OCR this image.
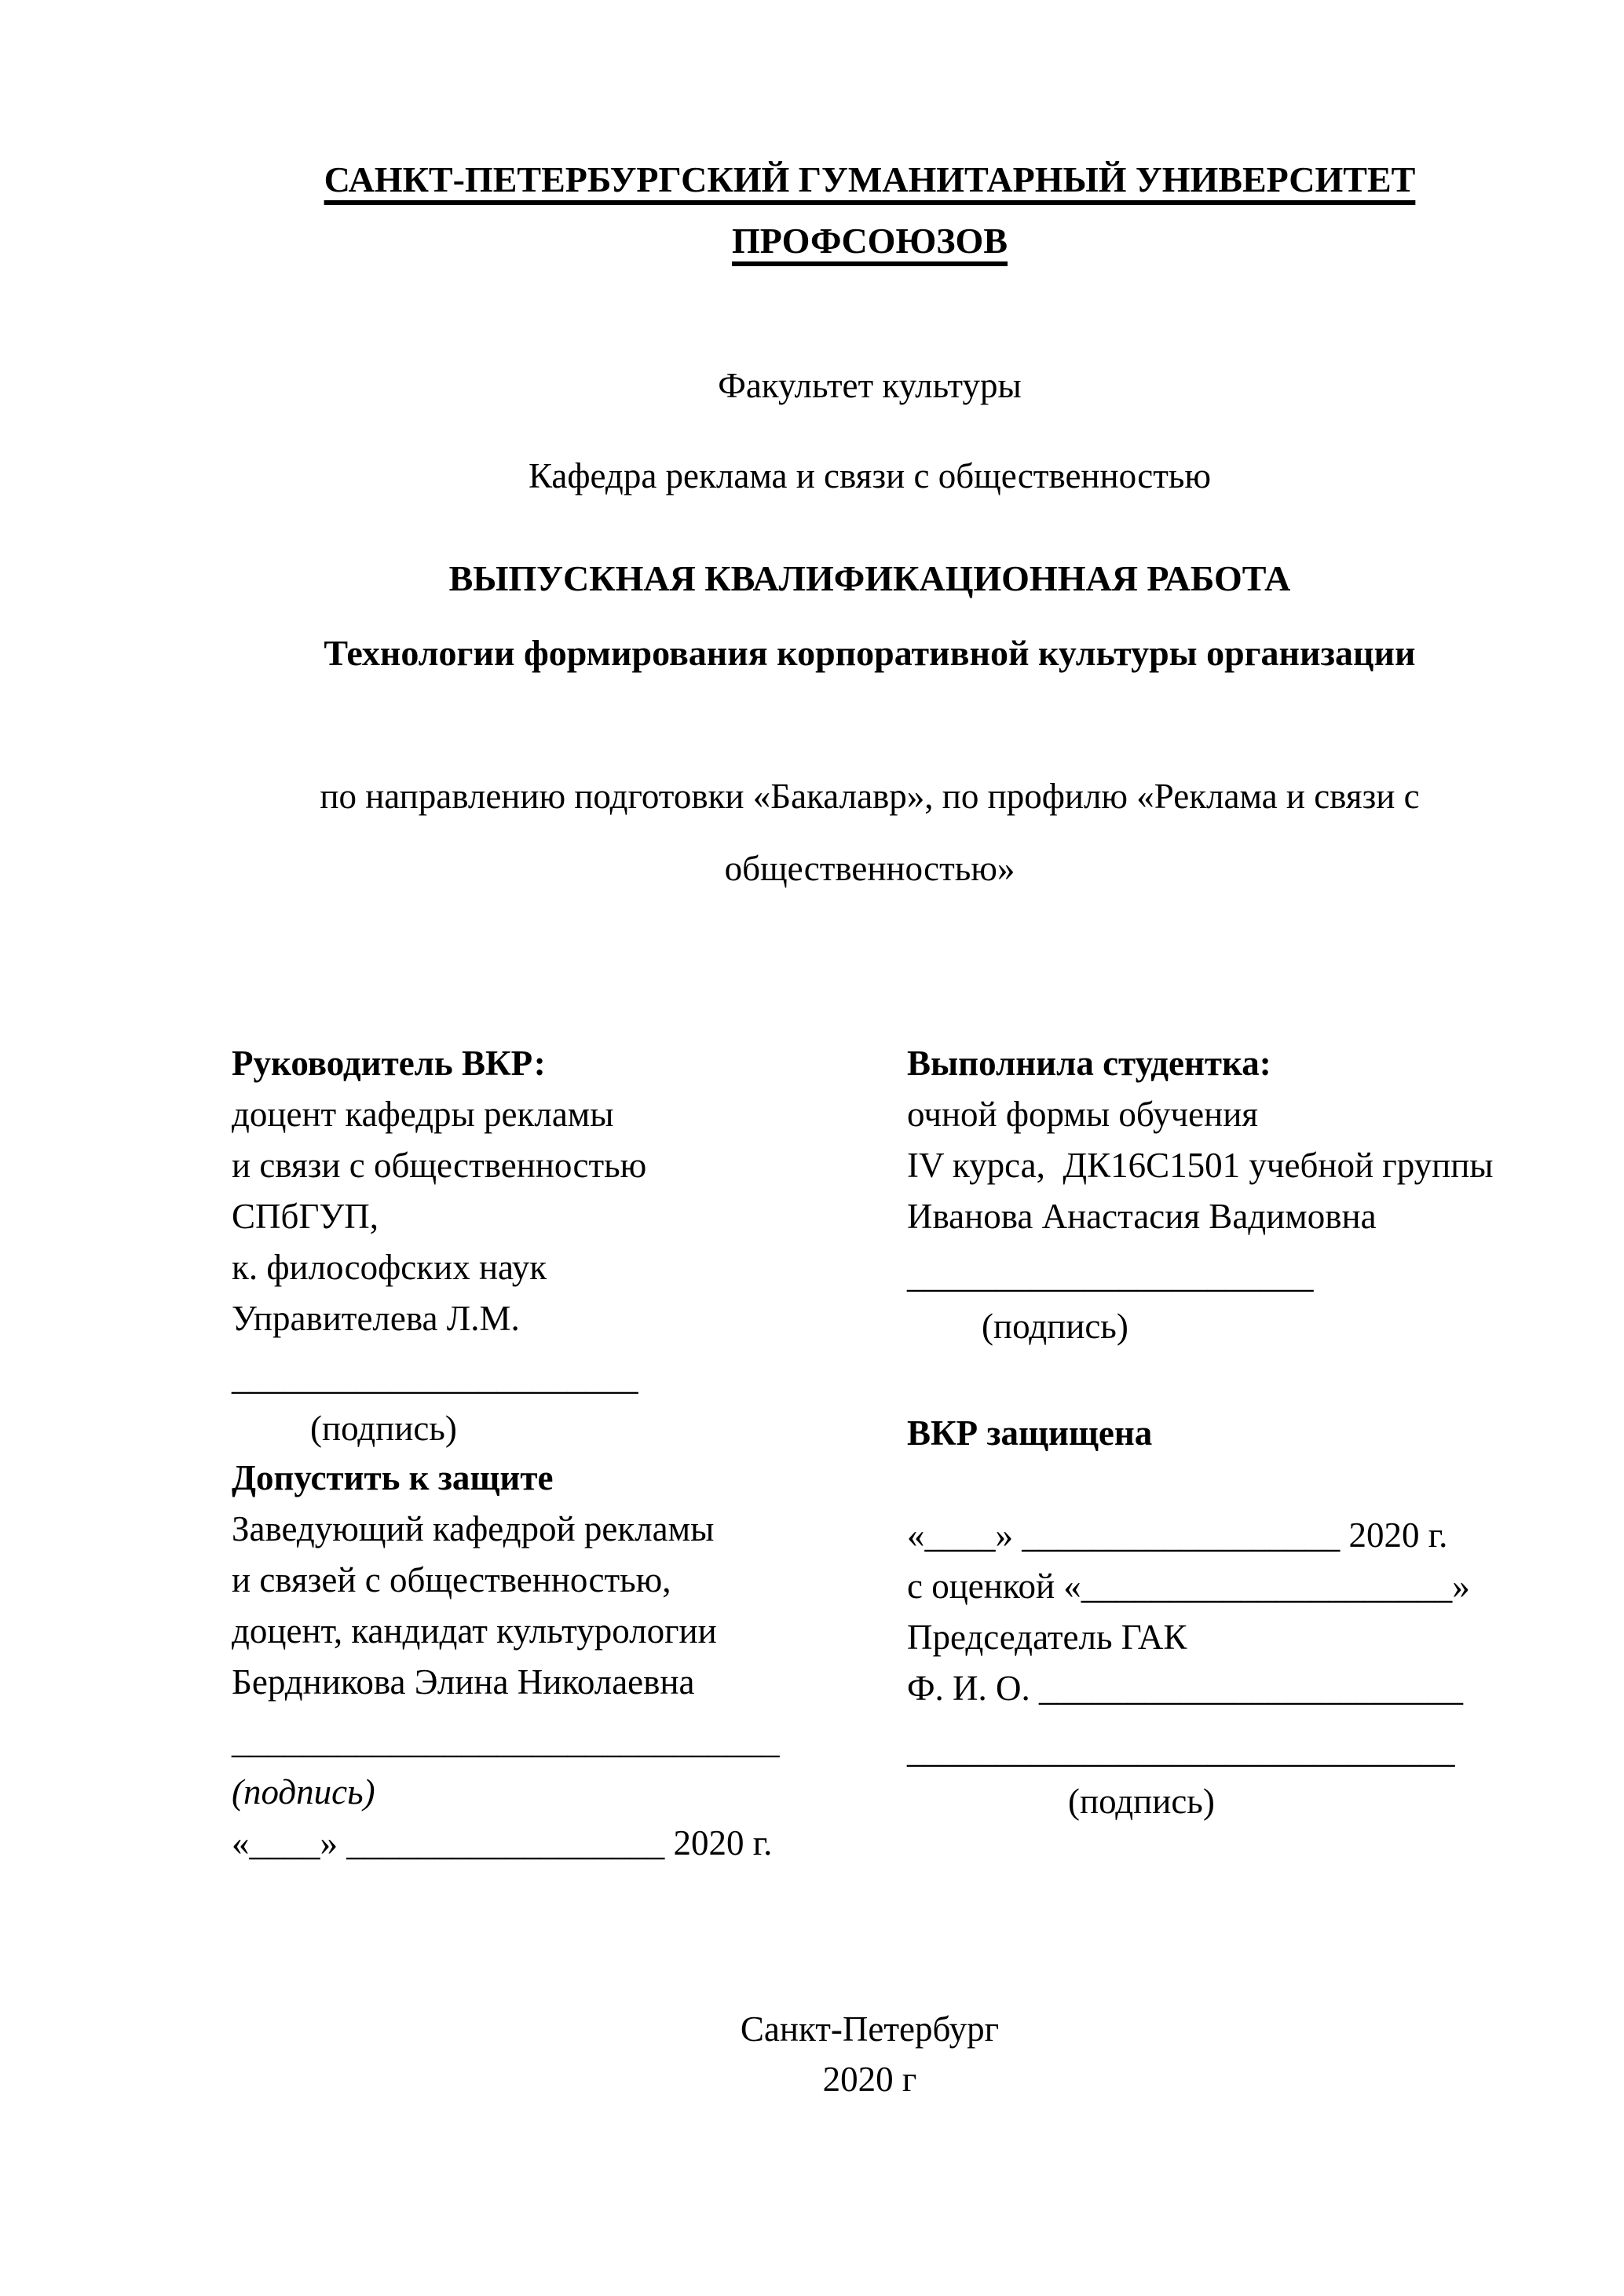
САНКТ-ПЕТЕРБУРГСКИЙ ГУМАНИТАРНЫЙ УНИВЕРСИТЕТ
ПРОФСОЮЗОВ
Факультет культуры
Кафедра реклама и связи с общественностью
ВЫПУСКНАЯ КВАЛИФИКАЦИОННАЯ РАБОТА
Технологии формирования корпоративной культуры организации
по направлению подготовки «Бакалавр», по профилю «Реклама и связи с
общественностью»
Руководитель ВКР:
доцент кафедры рекламы
и связи с общественностью СПбГУП,
к. философских наук
Управителева Л.М.
_______________________
(подпись)
Выполнила студентка:
очной формы обучения
IV курса,  ДК16С1501 учебной группы
Иванова Анастасия Вадимовна
_______________________
(подпись)
Допустить к защите
Заведующий кафедрой рекламы
и связей с общественностью,
доцент, кандидат культурологии
Бердникова Элина Николаевна
_______________________________
(подпись)
«____» __________________ 2020 г.
ВКР защищена
«____» __________________ 2020 г.
с оценкой «_____________________»
Председатель ГАК
Ф. И. О. ________________________
_______________________________
(подпись)
Санкт-Петербург
2020 г
